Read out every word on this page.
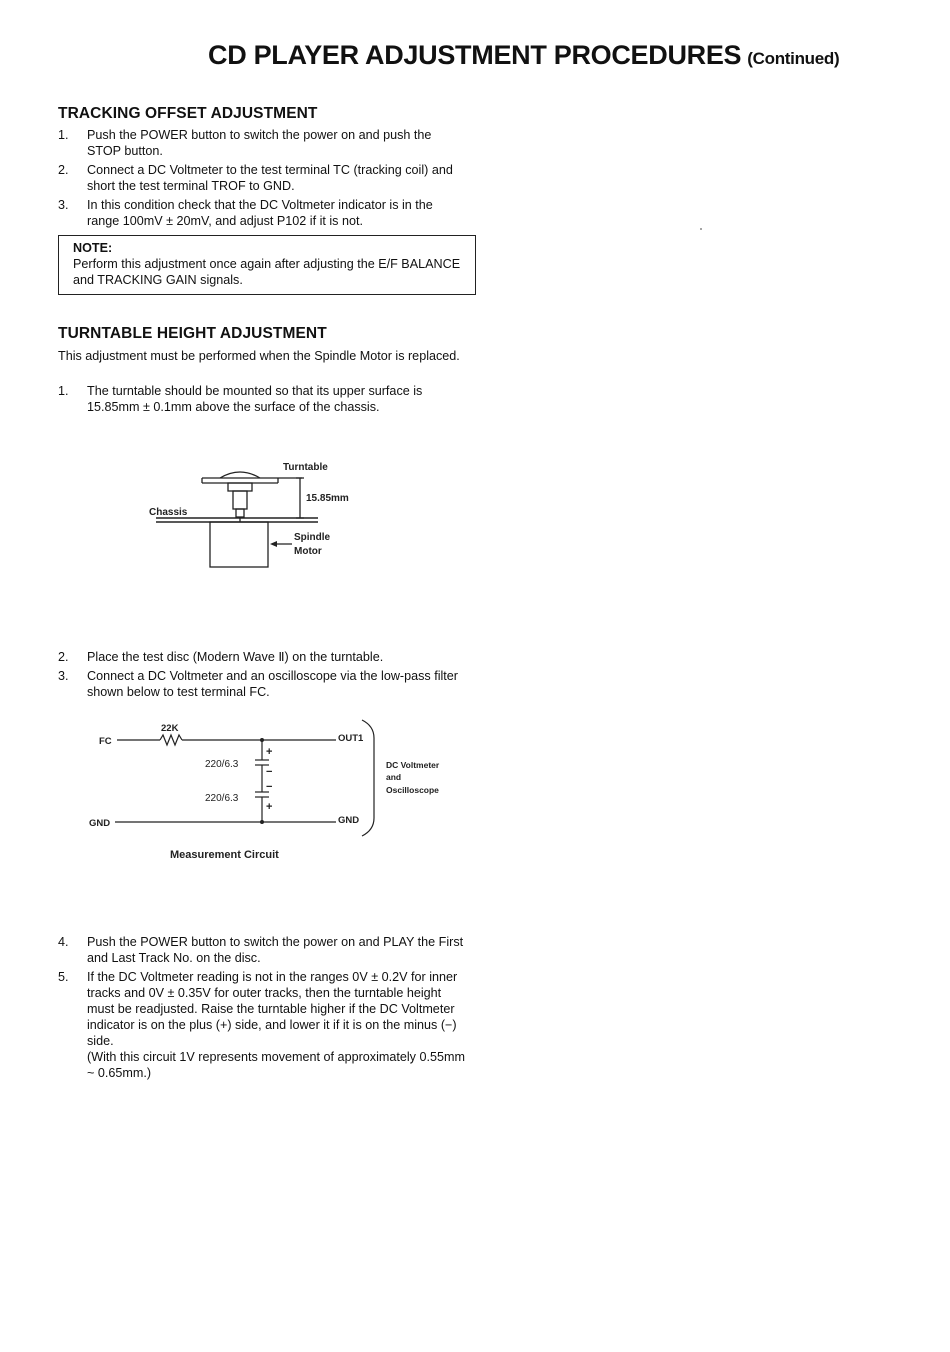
CD PLAYER ADJUSTMENT PROCEDURES (Continued)
TRACKING OFFSET ADJUSTMENT
1. Push the POWER button to switch the power on and push the STOP button.
2. Connect a DC Voltmeter to the test terminal TC (tracking coil) and short the test terminal TROF to GND.
3. In this condition check that the DC Voltmeter indicator is in the range 100mV ± 20mV, and adjust P102 if it is not.
NOTE:
Perform this adjustment once again after adjusting the E/F BALANCE and TRACKING GAIN signals.
TURNTABLE HEIGHT ADJUSTMENT
This adjustment must be performed when the Spindle Motor is replaced.
1. The turntable should be mounted so that its upper surface is 15.85mm ± 0.1mm above the surface of the chassis.
Turntable
15.85mm
Chassis
Spindle
Motor
FC
22K
OUT1
220/6.3
220/6.3
+
−
−
+
GND	GND
DC Voltmeter
and
Oscilloscope
Measurement Circuit
2. Place the test disc (Modern Wave Ⅱ) on the turntable.
3. Connect a DC Voltmeter and an oscilloscope via the low-pass filter shown below to test terminal FC.
4. Push the POWER button to switch the power on and PLAY the First and Last Track No. on the disc.
5. If the DC Voltmeter reading is not in the ranges 0V ± 0.2V for inner tracks and 0V ± 0.35V for outer tracks, then the turntable height must be readjusted. Raise the turntable higher if the DC Voltmeter indicator is on the plus (+) side, and lower it if it is on the minus (−) side.
(With this circuit 1V represents movement of approximately 0.55mm ~ 0.65mm.)
